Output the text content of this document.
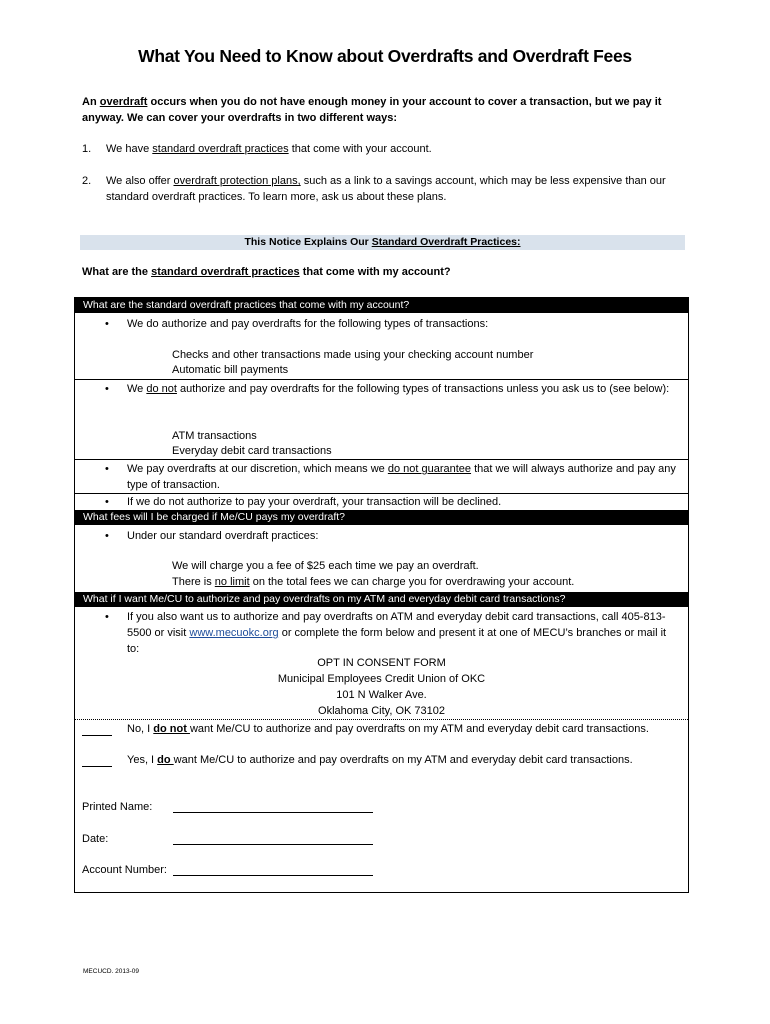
What You Need to Know about Overdrafts and Overdraft Fees
An overdraft occurs when you do not have enough money in your account to cover a transaction, but we pay it anyway. We can cover your overdrafts in two different ways:
1. We have standard overdraft practices that come with your account.
2. We also offer overdraft protection plans, such as a link to a savings account, which may be less expensive than our standard overdraft practices. To learn more, ask us about these plans.
This Notice Explains Our Standard Overdraft Practices:
What are the standard overdraft practices that come with my account?
What are the standard overdraft practices that come with my account?
• We do authorize and pay overdrafts for the following types of transactions:
Checks and other transactions made using your checking account number
Automatic bill payments
• We do not authorize and pay overdrafts for the following types of transactions unless you ask us to (see below):
ATM transactions
Everyday debit card transactions
• We pay overdrafts at our discretion, which means we do not guarantee that we will always authorize and pay any type of transaction.
• If we do not authorize to pay your overdraft, your transaction will be declined.
What fees will I be charged if Me/CU pays my overdraft?
• Under our standard overdraft practices:
We will charge you a fee of $25 each time we pay an overdraft.
There is no limit on the total fees we can charge you for overdrawing your account.
What if I want Me/CU to authorize and pay overdrafts on my ATM and everyday debit card transactions?
• If you also want us to authorize and pay overdrafts on ATM and everyday debit card transactions, call 405-813-5500 or visit www.mecuokc.org or complete the form below and present it at one of MECU’s branches or mail it to:
OPT IN CONSENT FORM
Municipal Employees Credit Union of OKC
101 N Walker Ave.
Oklahoma City, OK 73102
No, I do not want Me/CU to authorize and pay overdrafts on my ATM and everyday debit card transactions.
Yes, I do want Me/CU to authorize and pay overdrafts on my ATM and everyday debit card transactions.
Printed Name:
Date:
Account Number:
MECUCD. 2013-09
